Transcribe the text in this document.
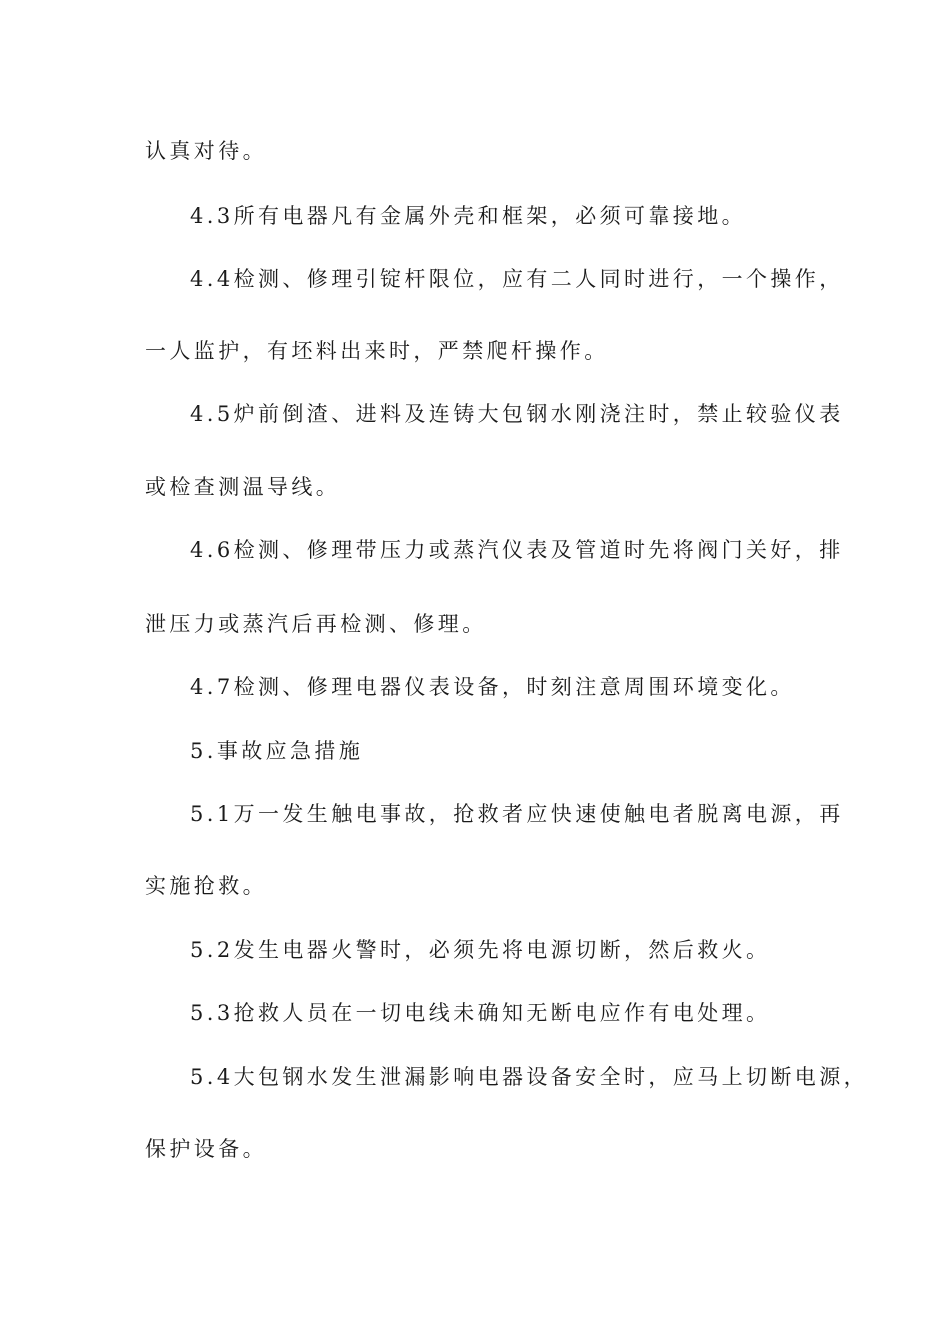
认真对待。
4.3所有电器凡有金属外壳和框架，必须可靠接地。
4.4检测、修理引锭杆限位，应有二人同时进行，一个操作，
一人监护，有坯料出来时，严禁爬杆操作。
4.5炉前倒渣、进料及连铸大包钢水刚浇注时，禁止较验仪表
或检查测温导线。
4.6检测、修理带压力或蒸汽仪表及管道时先将阀门关好，排
泄压力或蒸汽后再检测、修理。
4.7检测、修理电器仪表设备，时刻注意周围环境变化。
5.事故应急措施
5.1万一发生触电事故，抢救者应快速使触电者脱离电源，再
实施抢救。
5.2发生电器火警时，必须先将电源切断，然后救火。
5.3抢救人员在一切电线未确知无断电应作有电处理。
5.4大包钢水发生泄漏影响电器设备安全时，应马上切断电源，
保护设备。
